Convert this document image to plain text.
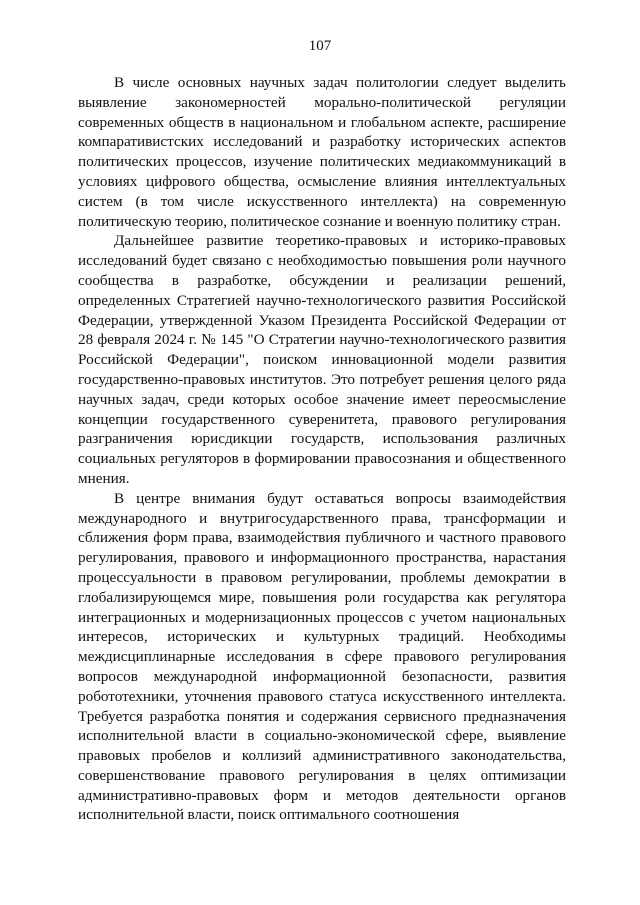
107

В числе основных научных задач политологии следует выделить выявление закономерностей морально-политической регуляции современных обществ в национальном и глобальном аспекте, расширение компаративистских исследований и разработку исторических аспектов политических процессов, изучение политических медиакоммуникаций в условиях цифрового общества, осмысление влияния интеллектуальных систем (в том числе искусственного интеллекта) на современную политическую теорию, политическое сознание и военную политику стран.

Дальнейшее развитие теоретико-правовых и историко-правовых исследований будет связано с необходимостью повышения роли научного сообщества в разработке, обсуждении и реализации решений, определенных Стратегией научно-технологического развития Российской Федерации, утвержденной Указом Президента Российской Федерации от 28 февраля 2024 г. № 145 "О Стратегии научно-технологического развития Российской Федерации", поиском инновационной модели развития государственно-правовых институтов. Это потребует решения целого ряда научных задач, среди которых особое значение имеет переосмысление концепции государственного суверенитета, правового регулирования разграничения юрисдикции государств, использования различных социальных регуляторов в формировании правосознания и общественного мнения.

В центре внимания будут оставаться вопросы взаимодействия международного и внутригосударственного права, трансформации и сближения форм права, взаимодействия публичного и частного правового регулирования, правового и информационного пространства, нарастания процессуальности в правовом регулировании, проблемы демократии в глобализирующемся мире, повышения роли государства как регулятора интеграционных и модернизационных процессов с учетом национальных интересов, исторических и культурных традиций. Необходимы междисциплинарные исследования в сфере правового регулирования вопросов международной информационной безопасности, развития робототехники, уточнения правового статуса искусственного интеллекта. Требуется разработка понятия и содержания сервисного предназначения исполнительной власти в социально-экономической сфере, выявление правовых пробелов и коллизий административного законодательства, совершенствование правового регулирования в целях оптимизации административно-правовых форм и методов деятельности органов исполнительной власти, поиск оптимального соотношения
